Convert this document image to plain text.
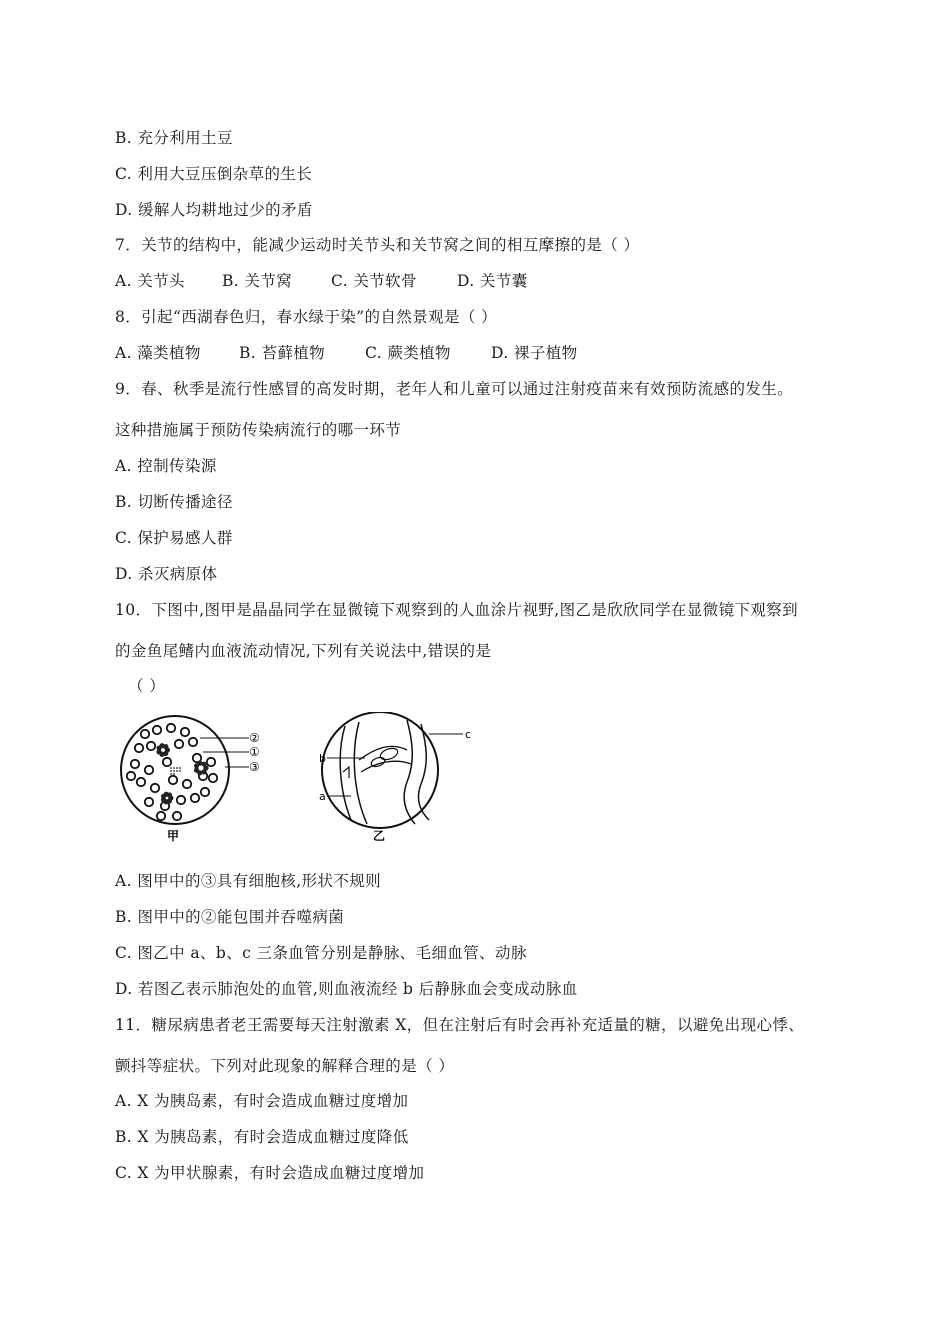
B. 充分利用土豆
C. 利用大豆压倒杂草的生长
D. 缓解人均耕地过少的矛盾
7．关节的结构中，能减少运动时关节头和关节窝之间的相互摩擦的是（ ）
A. 关节头 B. 关节窝	C. 关节软骨	D. 关节囊
8．引起“西湖春色归，春水绿于染”的自然景观是（ ）
A. 藻类植物 B. 苔藓植物	C. 蕨类植物	D. 裸子植物
9．春、秋季是流行性感冒的高发时期，老年人和儿童可以通过注射疫苗来有效预防流感的发生。
这种措施属于预防传染病流行的哪一环节
A. 控制传染源
B. 切断传播途径
C. 保护易感人群
D. 杀灭病原体
10．下图中,图甲是晶晶同学在显微镜下观察到的人血涂片视野,图乙是欣欣同学在显微镜下观察到
的金鱼尾鳍内血液流动情况,下列有关说法中,错误的是
（ ）
②
①
③
甲
c
b
a
乙
A. 图甲中的③具有细胞核,形状不规则
B. 图甲中的②能包围并吞噬病菌
C. 图乙中 a、b、c 三条血管分别是静脉、毛细血管、动脉
D. 若图乙表示肺泡处的血管,则血液流经 b 后静脉血会变成动脉血
11．糖尿病患者老王需要每天注射激素 X，但在注射后有时会再补充适量的糖，以避免出现心悸、
颤抖等症状。下列对此现象的解释合理的是（ ）
A. X 为胰岛素，有时会造成血糖过度增加
B. X 为胰岛素，有时会造成血糖过度降低
C. X 为甲状腺素，有时会造成血糖过度增加
